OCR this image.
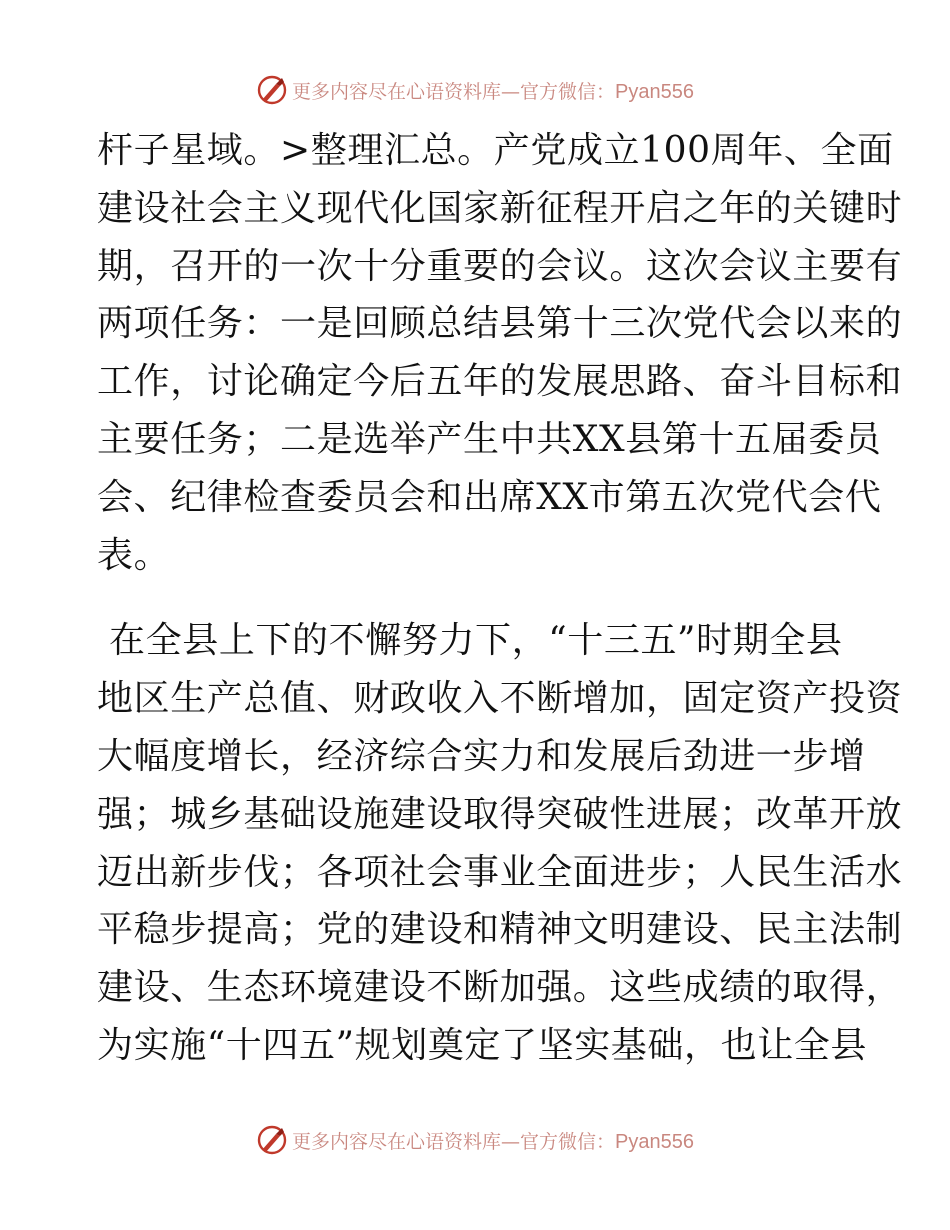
更多内容尽在心语资料库—官方微信：Pyan556

杆子星域。>整理汇总。产党成立100周年、全面
建设社会主义现代化国家新征程开启之年的关键时
期，召开的一次十分重要的会议。这次会议主要有
两项任务：一是回顾总结县第十三次党代会以来的
工作，讨论确定今后五年的发展思路、奋斗目标和
主要任务；二是选举产生中共XX县第十五届委员
会、纪律检查委员会和出席XX市第五次党代会代
表。

在全县上下的不懈努力下，“十三五”时期全县
地区生产总值、财政收入不断增加，固定资产投资
大幅度增长，经济综合实力和发展后劲进一步增
强；城乡基础设施建设取得突破性进展；改革开放
迈出新步伐；各项社会事业全面进步；人民生活水
平稳步提高；党的建设和精神文明建设、民主法制
建设、生态环境建设不断加强。这些成绩的取得，
为实施“十四五”规划奠定了坚实基础，也让全县

更多内容尽在心语资料库—官方微信：Pyan556
